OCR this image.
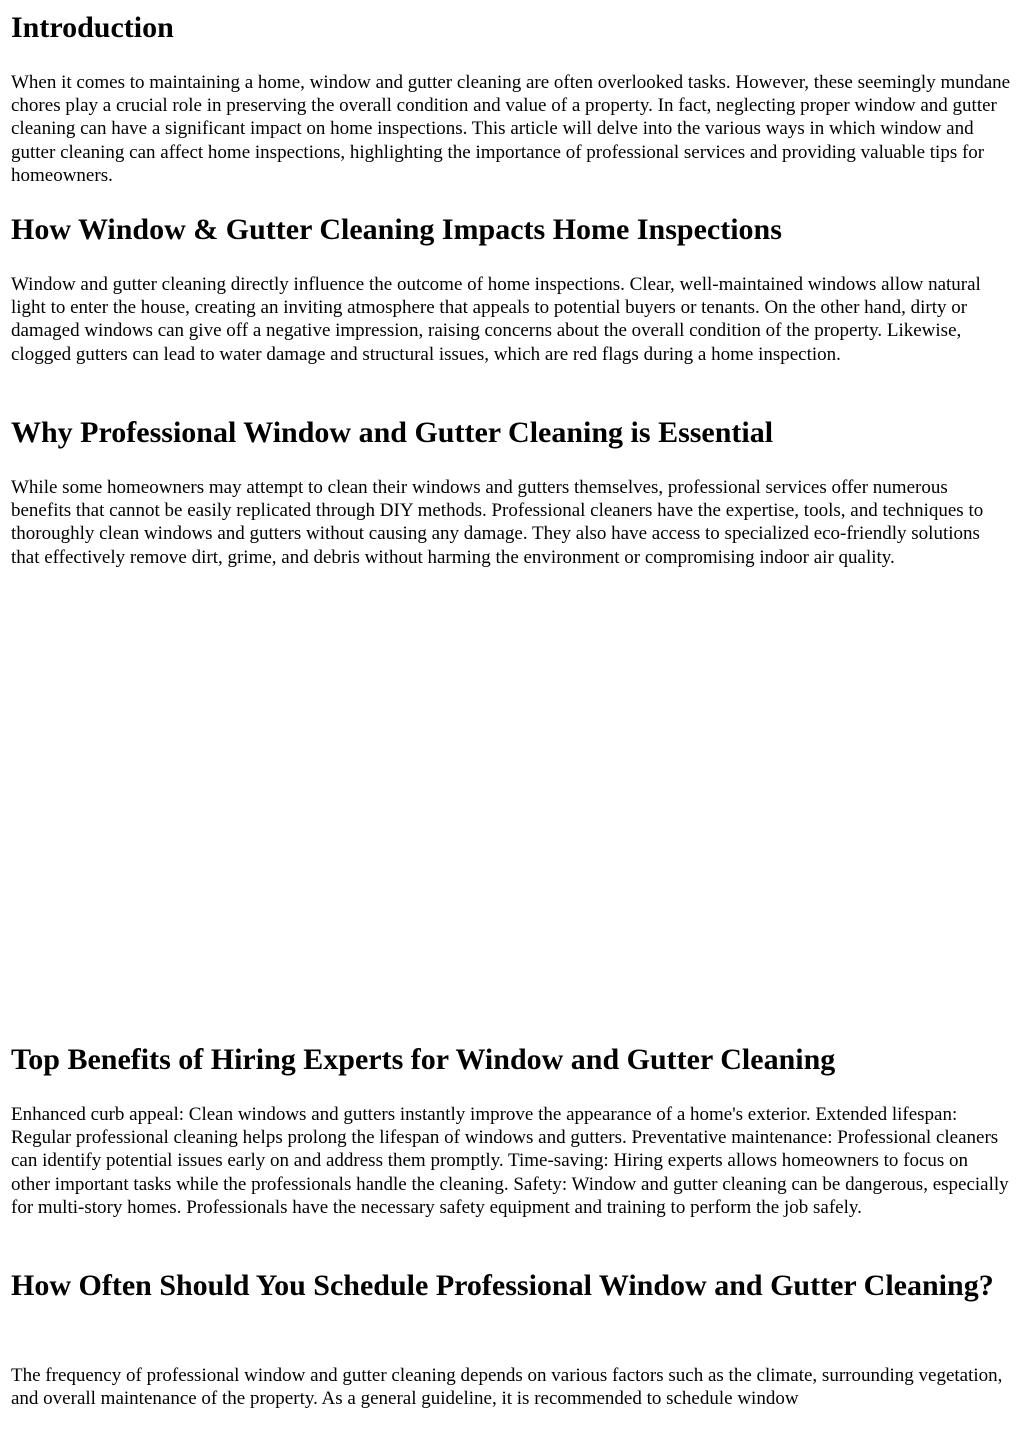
Introduction

When it comes to maintaining a home, window and gutter cleaning are often overlooked tasks. However, these seemingly mundane chores play a crucial role in preserving the overall condition and value of a property. In fact, neglecting proper window and gutter cleaning can have a significant impact on home inspections. This article will delve into the various ways in which window and gutter cleaning can affect home inspections, highlighting the importance of professional services and providing valuable tips for homeowners.

How Window & Gutter Cleaning Impacts Home Inspections

Window and gutter cleaning directly influence the outcome of home inspections. Clear, well-maintained windows allow natural light to enter the house, creating an inviting atmosphere that appeals to potential buyers or tenants. On the other hand, dirty or damaged windows can give off a negative impression, raising concerns about the overall condition of the property. Likewise, clogged gutters can lead to water damage and structural issues, which are red flags during a home inspection.

Why Professional Window and Gutter Cleaning is Essential

While some homeowners may attempt to clean their windows and gutters themselves, professional services offer numerous benefits that cannot be easily replicated through DIY methods. Professional cleaners have the expertise, tools, and techniques to thoroughly clean windows and gutters without causing any damage. They also have access to specialized eco-friendly solutions that effectively remove dirt, grime, and debris without harming the environment or compromising indoor air quality.

Top Benefits of Hiring Experts for Window and Gutter Cleaning

Enhanced curb appeal: Clean windows and gutters instantly improve the appearance of a home's exterior. Extended lifespan: Regular professional cleaning helps prolong the lifespan of windows and gutters. Preventative maintenance: Professional cleaners can identify potential issues early on and address them promptly. Time-saving: Hiring experts allows homeowners to focus on other important tasks while the professionals handle the cleaning. Safety: Window and gutter cleaning can be dangerous, especially for multi-story homes. Professionals have the necessary safety equipment and training to perform the job safely.

How Often Should You Schedule Professional Window and Gutter Cleaning?

The frequency of professional window and gutter cleaning depends on various factors such as the climate, surrounding vegetation, and overall maintenance of the property. As a general guideline, it is recommended to schedule window
